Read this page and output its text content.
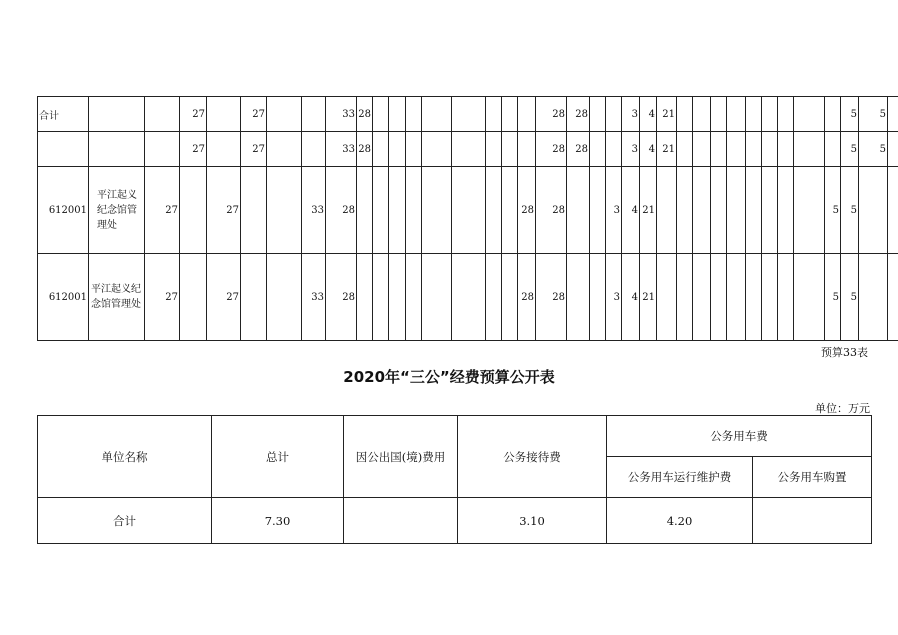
合计			27		27			33	28									28	28			3	4	21										5	5		
			27		27			33	28									28	28			3	4	21										5	5		
612001	平江起义纪念馆管理处	27		27			33	28									28	28			3	4	21										5	5			
612001	平江起义纪念馆管理处	27		27			33	28									28	28			3	4	21										5	5			
预算33表
2020年“三公”经费预算公开表
单位：万元
单位名称	总计	因公出国(境)费用	公务接待费	公务用车费	
				公务用车运行维护费	公务用车购置
合计	7.30		3.10	4.20	
